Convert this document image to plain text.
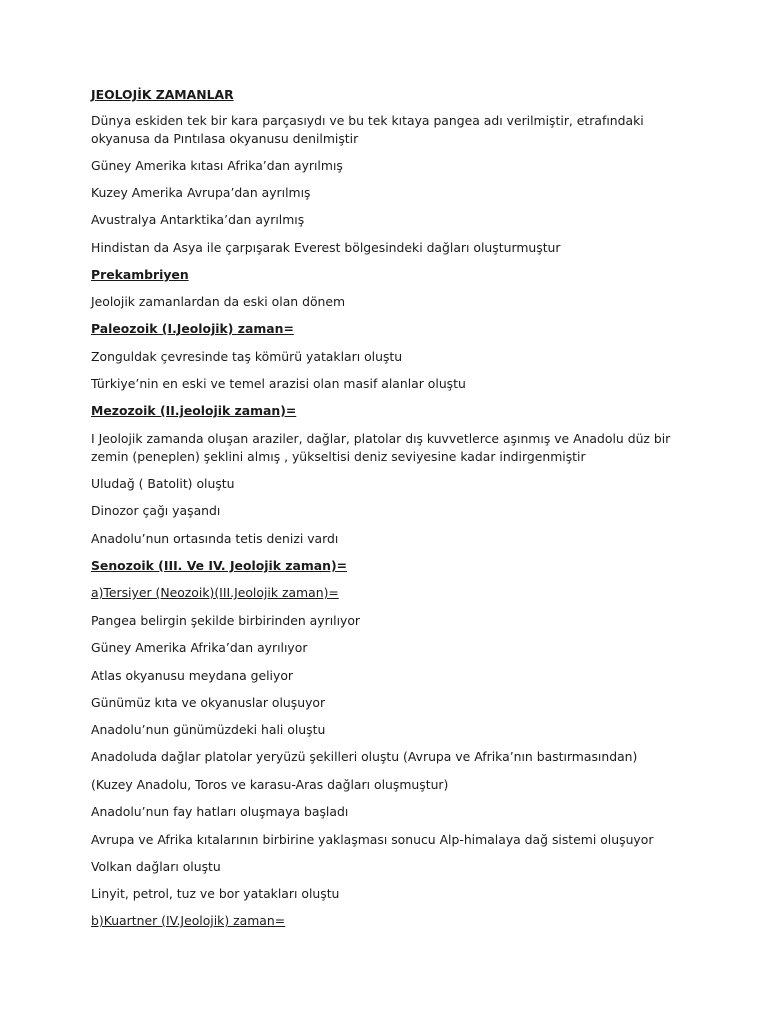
JEOLOJİK ZAMANLAR

Dünya eskiden tek bir kara parçasıydı ve bu tek kıtaya pangea adı verilmiştir, etrafındaki okyanusa da Pıntılasa okyanusu denilmiştir

Güney Amerika kıtası Afrika’dan ayrılmış

Kuzey Amerika Avrupa’dan ayrılmış

Avustralya Antarktika’dan ayrılmış

Hindistan da Asya ile çarpışarak Everest bölgesindeki dağları oluşturmuştur

Prekambriyen

Jeolojik zamanlardan da eski olan dönem

Paleozoik (I.Jeolojik) zaman=

Zonguldak çevresinde taş kömürü yatakları oluştu

Türkiye’nin en eski ve temel arazisi olan masif alanlar oluştu

Mezozoik (II.jeolojik zaman)=

I Jeolojik zamanda oluşan araziler, dağlar, platolar dış kuvvetlerce aşınmış ve Anadolu düz bir zemin (peneplen) şeklini almış , yükseltisi deniz seviyesine kadar indirgenmiştir

Uludağ ( Batolit) oluştu

Dinozor çağı yaşandı

Anadolu’nun ortasında tetis denizi vardı

Senozoik (III. Ve IV. Jeolojik zaman)=

a)Tersiyer (Neozoik)(III.Jeolojik zaman)=

Pangea belirgin şekilde birbirinden ayrılıyor

Güney Amerika Afrika’dan ayrılıyor

Atlas okyanusu meydana geliyor

Günümüz kıta ve okyanuslar oluşuyor

Anadolu’nun günümüzdeki hali oluştu

Anadoluda dağlar platolar yeryüzü şekilleri oluştu (Avrupa ve Afrika’nın bastırmasından)

(Kuzey Anadolu, Toros ve karasu-Aras dağları oluşmuştur)

Anadolu’nun fay hatları oluşmaya başladı

Avrupa ve Afrika kıtalarının birbirine yaklaşması sonucu Alp-himalaya dağ sistemi oluşuyor

Volkan dağları oluştu

Linyit, petrol, tuz ve bor yatakları oluştu

b)Kuartner (IV.Jeolojik) zaman=
